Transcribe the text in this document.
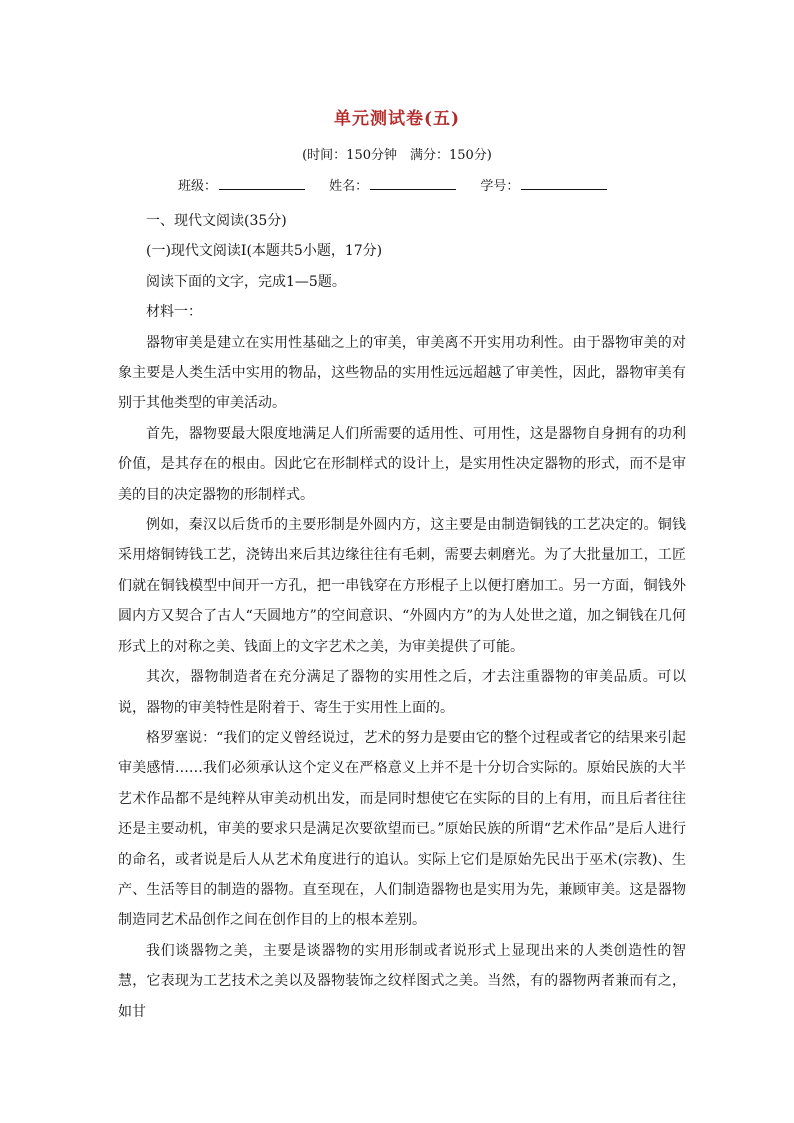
单元测试卷(五)
(时间：150分钟　满分：150分)
班级：	姓名：	学号：

一、现代文阅读(35分)

(一)现代文阅读Ⅰ(本题共5小题，17分)

阅读下面的文字，完成1—5题。

材料一：

器物审美是建立在实用性基础之上的审美，审美离不开实用功利性。由于器物审美的对象主要是人类生活中实用的物品，这些物品的实用性远远超越了审美性，因此，器物审美有别于其他类型的审美活动。

首先，器物要最大限度地满足人们所需要的适用性、可用性，这是器物自身拥有的功利价值，是其存在的根由。因此它在形制样式的设计上，是实用性决定器物的形式，而不是审美的目的决定器物的形制样式。

例如，秦汉以后货币的主要形制是外圆内方，这主要是由制造铜钱的工艺决定的。铜钱采用熔铜铸钱工艺，浇铸出来后其边缘往往有毛刺，需要去刺磨光。为了大批量加工，工匠们就在铜钱模型中间开一方孔，把一串钱穿在方形棍子上以便打磨加工。另一方面，铜钱外圆内方又契合了古人“天圆地方”的空间意识、“外圆内方”的为人处世之道，加之铜钱在几何形式上的对称之美、钱面上的文字艺术之美，为审美提供了可能。

其次，器物制造者在充分满足了器物的实用性之后，才去注重器物的审美品质。可以说，器物的审美特性是附着于、寄生于实用性上面的。

格罗塞说：“我们的定义曾经说过，艺术的努力是要由它的整个过程或者它的结果来引起审美感情……我们必须承认这个定义在严格意义上并不是十分切合实际的。原始民族的大半艺术作品都不是纯粹从审美动机出发，而是同时想使它在实际的目的上有用，而且后者往往还是主要动机，审美的要求只是满足次要欲望而已。”原始民族的所谓“艺术作品”是后人进行的命名，或者说是后人从艺术角度进行的追认。实际上它们是原始先民出于巫术(宗教)、生产、生活等目的制造的器物。直至现在，人们制造器物也是实用为先，兼顾审美。这是器物制造同艺术品创作之间在创作目的上的根本差别。

我们谈器物之美，主要是谈器物的实用形制或者说形式上显现出来的人类创造性的智慧，它表现为工艺技术之美以及器物装饰之纹样图式之美。当然，有的器物两者兼而有之，如甘
